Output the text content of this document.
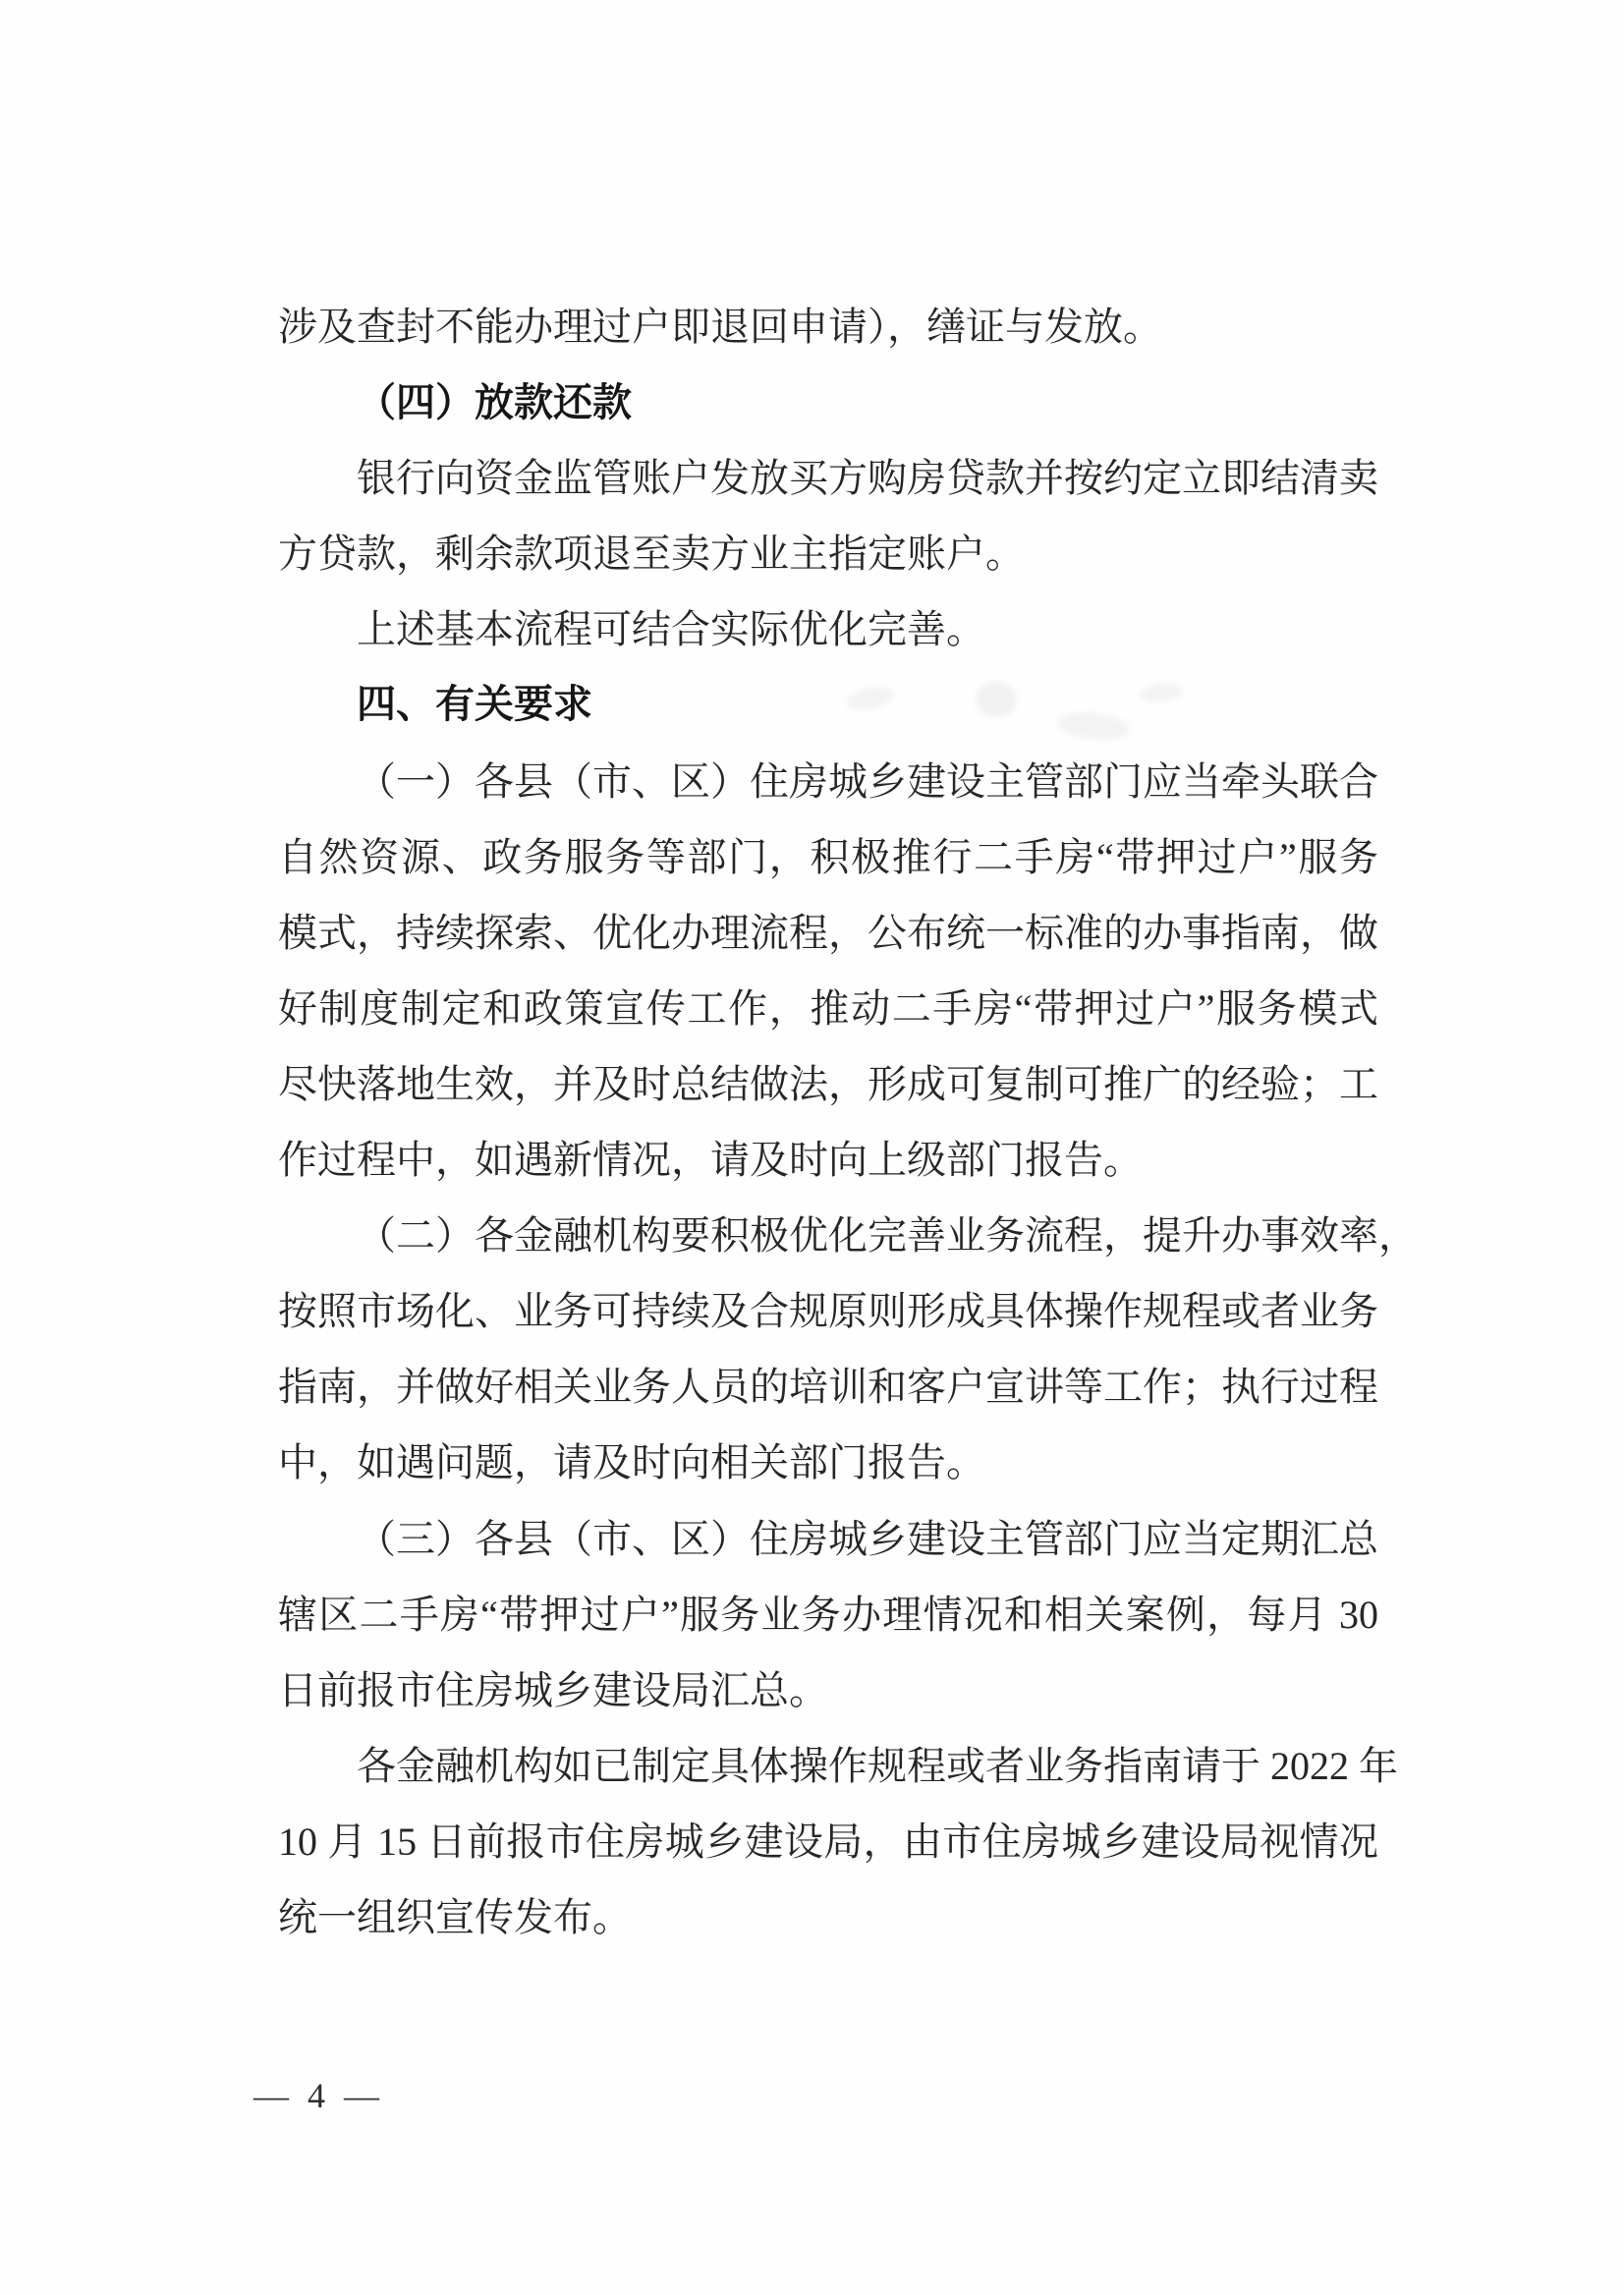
涉及查封不能办理过户即退回申请），缮证与发放。
（四）放款还款
银行向资金监管账户发放买方购房贷款并按约定立即结清卖
方贷款，剩余款项退至卖方业主指定账户。
上述基本流程可结合实际优化完善。
四、有关要求
（一）各县（市、区）住房城乡建设主管部门应当牵头联合
自然资源、政务服务等部门，积极推行二手房“带押过户”服务
模式，持续探索、优化办理流程，公布统一标准的办事指南，做
好制度制定和政策宣传工作，推动二手房“带押过户”服务模式
尽快落地生效，并及时总结做法，形成可复制可推广的经验；工
作过程中，如遇新情况，请及时向上级部门报告。
（二）各金融机构要积极优化完善业务流程，提升办事效率，
按照市场化、业务可持续及合规原则形成具体操作规程或者业务
指南，并做好相关业务人员的培训和客户宣讲等工作；执行过程
中，如遇问题，请及时向相关部门报告。
（三）各县（市、区）住房城乡建设主管部门应当定期汇总
辖区二手房“带押过户”服务业务办理情况和相关案例，每月 30
日前报市住房城乡建设局汇总。
各金融机构如已制定具体操作规程或者业务指南请于 2022 年
10 月 15 日前报市住房城乡建设局，由市住房城乡建设局视情况
统一组织宣传发布。
— 4 —
